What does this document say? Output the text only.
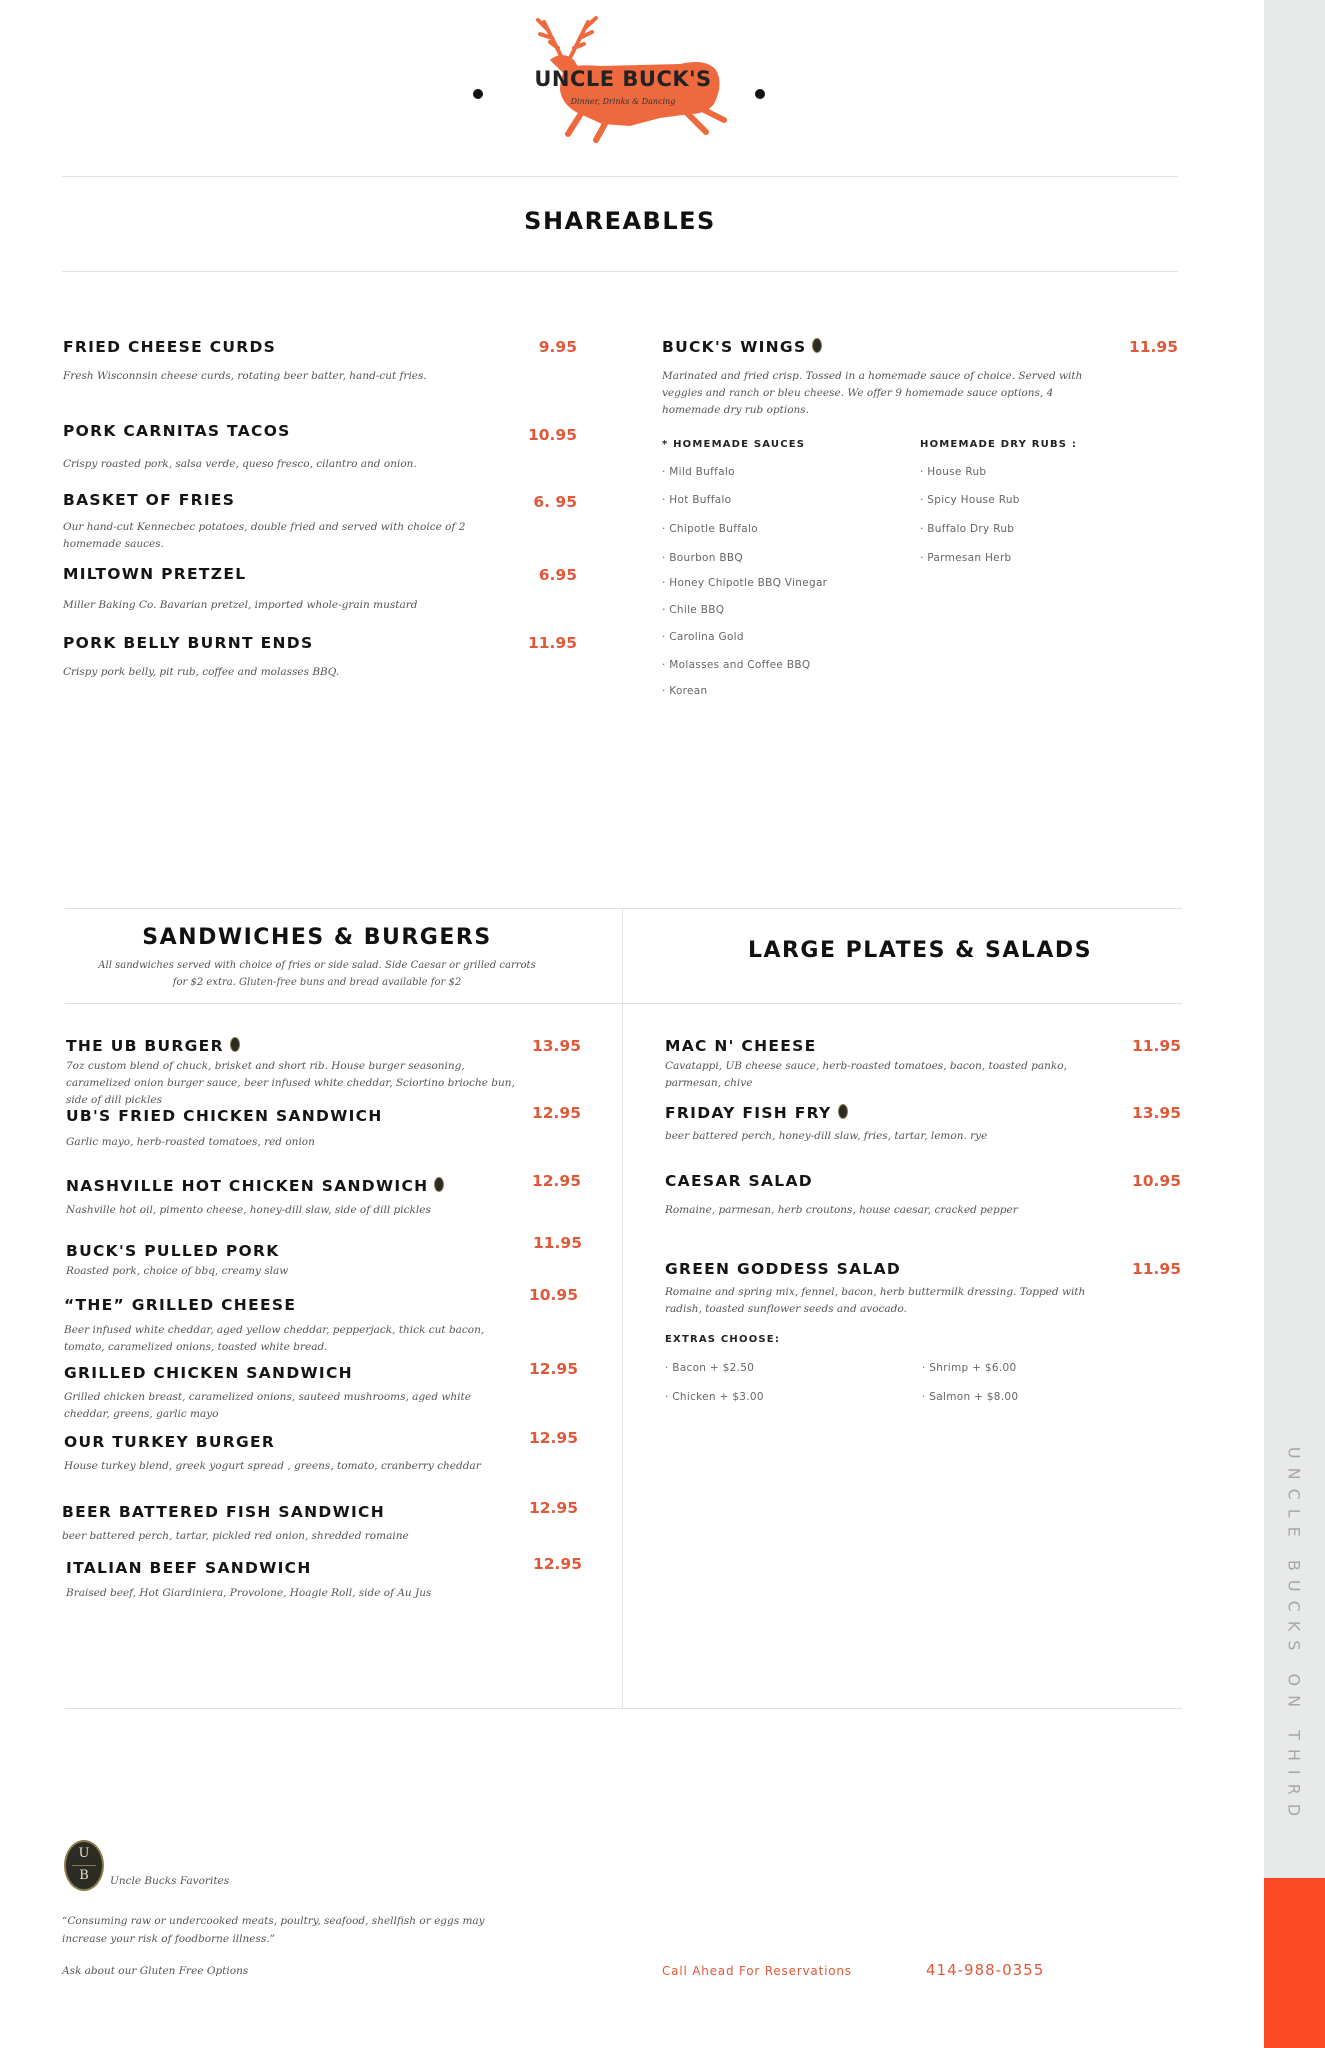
UNCLE BUCKS ON THIRD
UNCLE BUCK'S
Dinner, Drinks & Dancing
SHAREABLES
FRIED CHEESE CURDS	9.95
Fresh Wisconnsin cheese curds, rotating beer batter, hand-cut fries.
PORK CARNITAS TACOS	10.95
Crispy roasted pork, salsa verde, queso fresco, cilantro and onion.
BASKET OF FRIES	6. 95
Our hand-cut Kennecbec potatoes, double fried and served with choice of 2 homemade sauces.
MILTOWN PRETZEL	6.95
Miller Baking Co. Bavarian pretzel, imported whole-grain mustard
PORK BELLY BURNT ENDS	11.95
Crispy pork belly, pit rub, coffee and molasses BBQ.
BUCK'S WINGS	11.95
Marinated and fried crisp. Tossed in a homemade sauce of choice. Served with veggies and ranch or bleu cheese. We offer 9 homemade sauce options, 4 homemade dry rub options.
* HOMEMADE SAUCES
· Mild Buffalo
· Hot Buffalo
· Chipotle Buffalo
· Bourbon BBQ
· Honey Chipotle BBQ Vinegar
· Chile BBQ
· Carolina Gold
· Molasses and Coffee BBQ
· Korean
HOMEMADE DRY RUBS :
· House Rub
· Spicy House Rub
· Buffalo Dry Rub
· Parmesan Herb
SANDWICHES & BURGERS
All sandwiches served with choice of fries or side salad. Side Caesar or grilled carrots
for $2 extra. Gluten-free buns and bread available for $2
LARGE PLATES & SALADS
THE UB BURGER	13.95
7oz custom blend of chuck, brisket and short rib. House burger seasoning, caramelized onion burger sauce, beer infused white cheddar, Sciortino brioche bun, side of dill pickles
UB'S FRIED CHICKEN SANDWICH	12.95
Garlic mayo, herb-roasted tomatoes, red onion
NASHVILLE HOT CHICKEN SANDWICH	12.95
Nashville hot oil, pimento cheese, honey-dill slaw, side of dill pickles
BUCK'S PULLED PORK	11.95
Roasted pork, choice of bbq, creamy slaw
“THE” GRILLED CHEESE
10.95
Beer infused white cheddar, aged yellow cheddar, pepperjack, thick cut bacon, tomato, caramelized onions, toasted white bread.
GRILLED CHICKEN SANDWICH	12.95
Grilled chicken breast, caramelized onions, sauteed mushrooms, aged white cheddar, greens, garlic mayo
OUR TURKEY BURGER	12.95
House turkey blend, greek yogurt spread , greens, tomato, cranberry cheddar
BEER BATTERED FISH SANDWICH	12.95
beer battered perch, tartar, pickled red onion, shredded romaine
ITALIAN BEEF SANDWICH	12.95
Braised beef, Hot Giardiniera, Provolone, Hoagie Roll, side of Au Jus
MAC N' CHEESE	11.95
Cavatappi, UB cheese sauce, herb-roasted tomatoes, bacon, toasted panko, parmesan, chive
FRIDAY FISH FRY	13.95
beer battered perch, honey-dill slaw, fries, tartar, lemon. rye
CAESAR SALAD	10.95
Romaine, parmesan, herb croutons, house caesar, cracked pepper
GREEN GODDESS SALAD	11.95
Romaine and spring mix, fennel, bacon, herb buttermilk dressing. Topped with radish, toasted sunflower seeds and avocado.
EXTRAS CHOOSE:
· Bacon + $2.50	· Shrimp + $6.00
· Chicken + $3.00	· Salmon + $8.00
U
B	Uncle Bucks Favorites
“Consuming raw or undercooked meats, poultry, seafood, shellfish or eggs may
increase your risk of foodborne illness.”
Ask about our Gluten Free Options	Call Ahead For Reservations	414-988-0355
